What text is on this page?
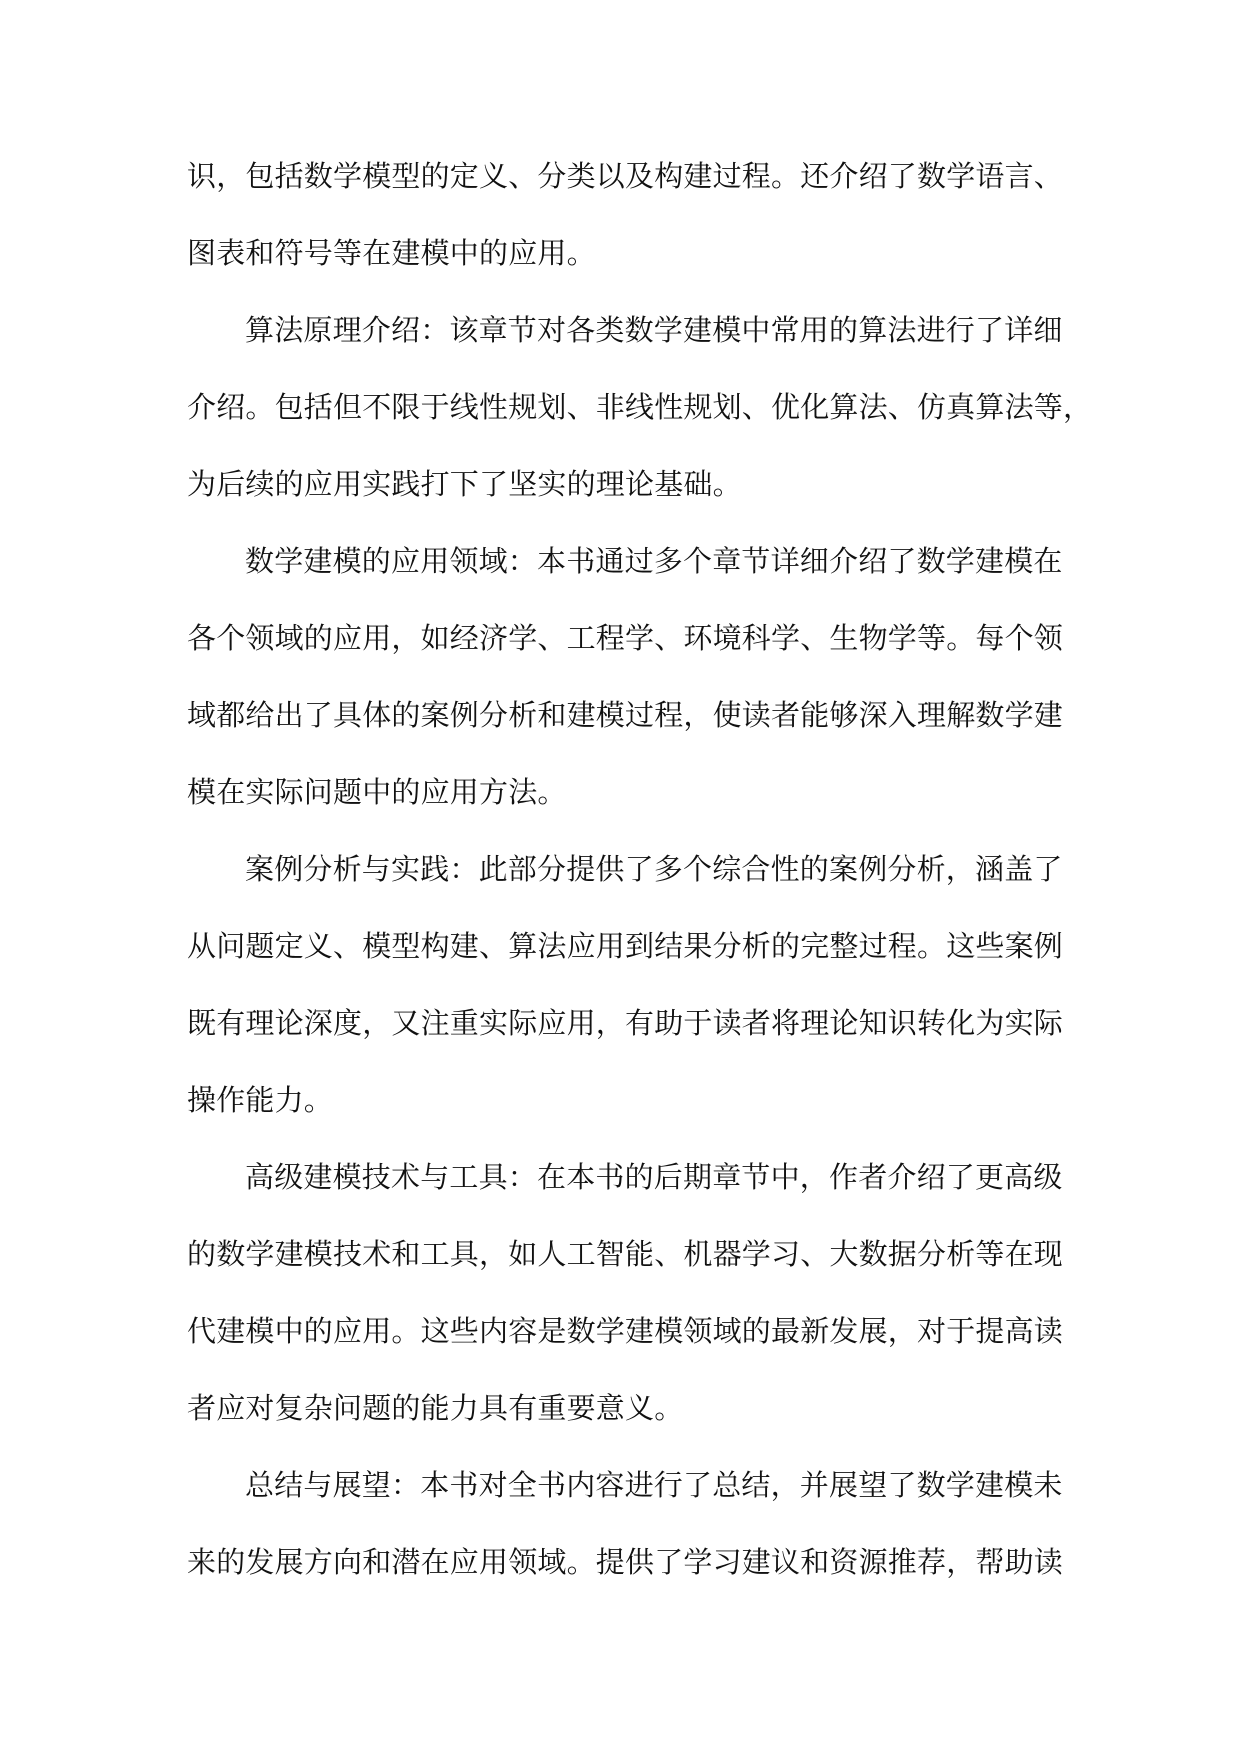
识，包括数学模型的定义、分类以及构建过程。还介绍了数学语言、
图表和符号等在建模中的应用。
算法原理介绍：该章节对各类数学建模中常用的算法进行了详细
介绍。包括但不限于线性规划、非线性规划、优化算法、仿真算法等，
为后续的应用实践打下了坚实的理论基础。
数学建模的应用领域：本书通过多个章节详细介绍了数学建模在
各个领域的应用，如经济学、工程学、环境科学、生物学等。每个领
域都给出了具体的案例分析和建模过程，使读者能够深入理解数学建
模在实际问题中的应用方法。
案例分析与实践：此部分提供了多个综合性的案例分析，涵盖了
从问题定义、模型构建、算法应用到结果分析的完整过程。这些案例
既有理论深度，又注重实际应用，有助于读者将理论知识转化为实际
操作能力。
高级建模技术与工具：在本书的后期章节中，作者介绍了更高级
的数学建模技术和工具，如人工智能、机器学习、大数据分析等在现
代建模中的应用。这些内容是数学建模领域的最新发展，对于提高读
者应对复杂问题的能力具有重要意义。
总结与展望：本书对全书内容进行了总结，并展望了数学建模未
来的发展方向和潜在应用领域。提供了学习建议和资源推荐，帮助读
